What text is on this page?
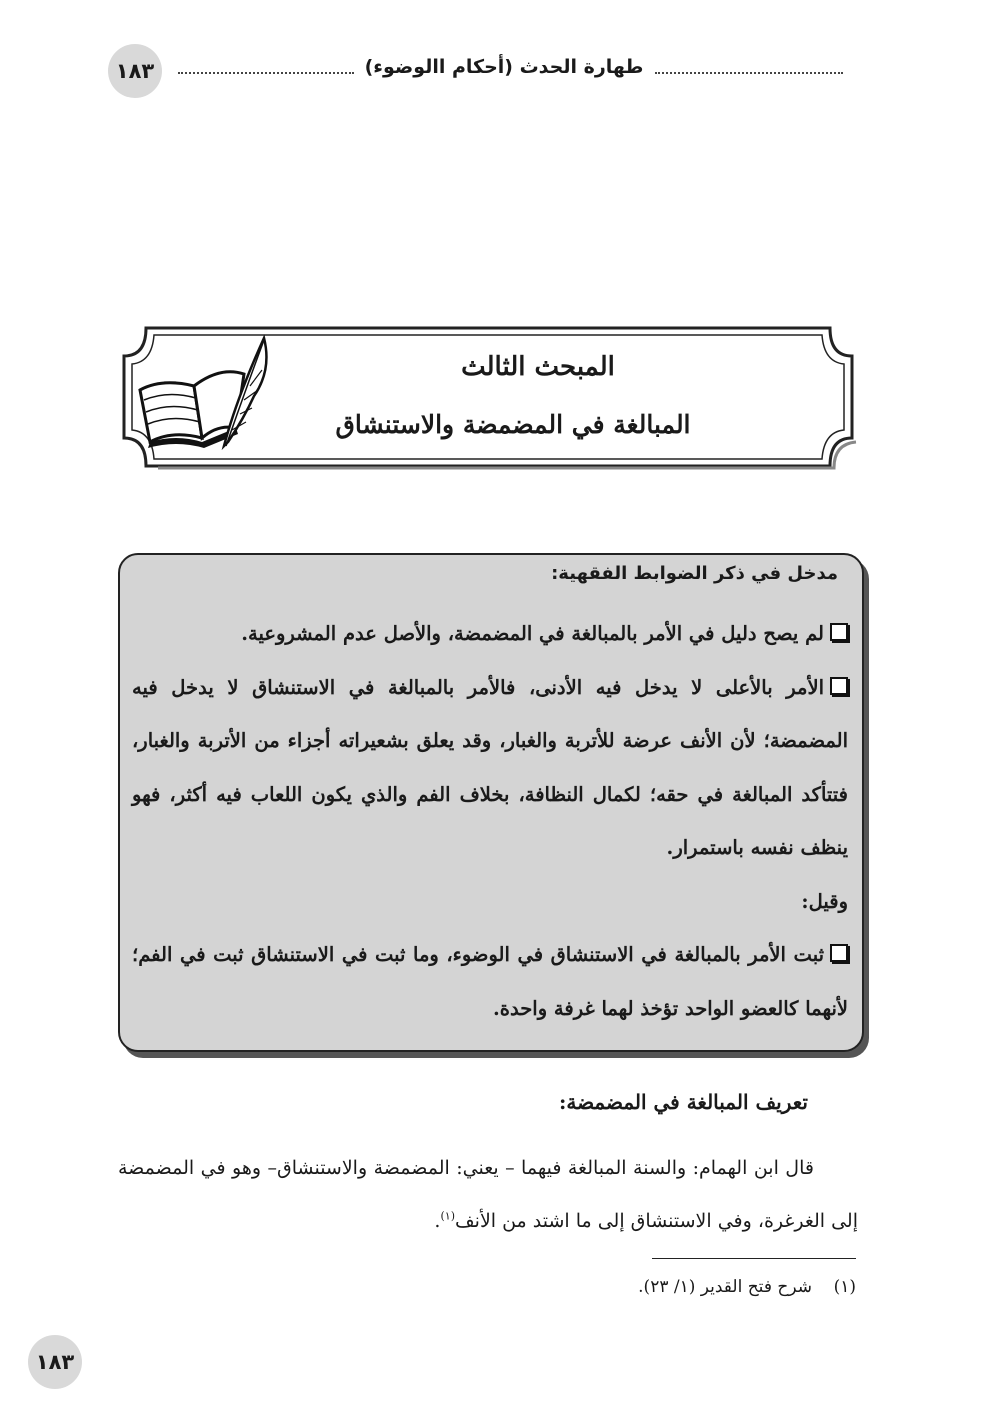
١٨٣	طهارة الحدث (أحكام االوضوء)
المبحث الثالث
المبالغة في المضمضة والاستنشاق
مدخل في ذكر الضوابط الفقهية:

لم يصح دليل في الأمر بالمبالغة في المضمضة، والأصل عدم المشروعية.

الأمر بالأعلى لا يدخل فيه الأدنى، فالأمر بالمبالغة في الاستنشاق لا يدخل فيه المضمضة؛ لأن الأنف عرضة للأتربة والغبار، وقد يعلق بشعيراته أجزاء من الأتربة والغبار، فتتأكد المبالغة في حقه؛ لكمال النظافة، بخلاف الفم والذي يكون اللعاب فيه أكثر، فهو ينظف نفسه باستمرار.

وقيل:

ثبت الأمر بالمبالغة في الاستنشاق في الوضوء، وما ثبت في الاستنشاق ثبت في الفم؛ لأنهما كالعضو الواحد تؤخذ لهما غرفة واحدة.

تعريف المبالغة في المضمضة:

قال ابن الهمام: والسنة المبالغة فيهما – يعني: المضمضة والاستنشاق– وهو في المضمضة إلى الغرغرة، وفي الاستنشاق إلى ما اشتد من الأنف$^{(١)}$.

(١)    شرح فتح القدير (١/ ٢٣).
١٨٣
